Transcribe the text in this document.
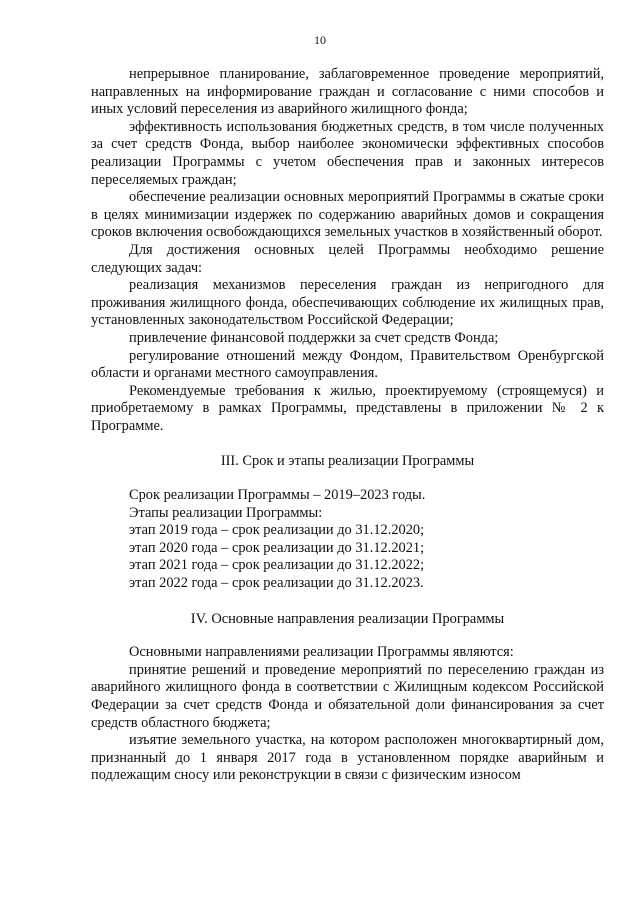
10

непрерывное планирование, заблаговременное проведение мероприятий, направленных на информирование граждан и согласование с ними способов и иных условий переселения из аварийного жилищного фонда;

эффективность использования бюджетных средств, в том числе полученных за счет средств Фонда, выбор наиболее экономически эффективных способов реализации Программы с учетом обеспечения прав и законных интересов переселяемых граждан;

обеспечение реализации основных мероприятий Программы в сжатые сроки в целях минимизации издержек по содержанию аварийных домов и сокращения сроков включения освобождающихся земельных участков в хозяйственный оборот.

Для достижения основных целей Программы необходимо решение следующих задач:

реализация механизмов переселения граждан из непригодного для проживания жилищного фонда, обеспечивающих соблюдение их жилищных прав, установленных законодательством Российской Федерации;

привлечение финансовой поддержки за счет средств Фонда;

регулирование отношений между Фондом, Правительством Оренбургской области и органами местного самоуправления.

Рекомендуемые требования к жилью, проектируемому (строящемуся) и приобретаемому в рамках Программы, представлены в приложении № 2 к Программе.

III. Срок и этапы реализации Программы

Срок реализации Программы – 2019–2023 годы.

Этапы реализации Программы:

этап 2019 года – срок реализации до 31.12.2020;

этап 2020 года – срок реализации до 31.12.2021;

этап 2021 года – срок реализации до 31.12.2022;

этап 2022 года – срок реализации до 31.12.2023.

IV. Основные направления реализации Программы

Основными направлениями реализации Программы являются:

принятие решений и проведение мероприятий по переселению граждан из аварийного жилищного фонда в соответствии с Жилищным кодексом Российской Федерации за счет средств Фонда и обязательной доли финансирования за счет средств областного бюджета;

изъятие земельного участка, на котором расположен многоквартирный дом, признанный до 1 января 2017 года в установленном порядке аварийным и подлежащим сносу или реконструкции в связи с физическим износом
